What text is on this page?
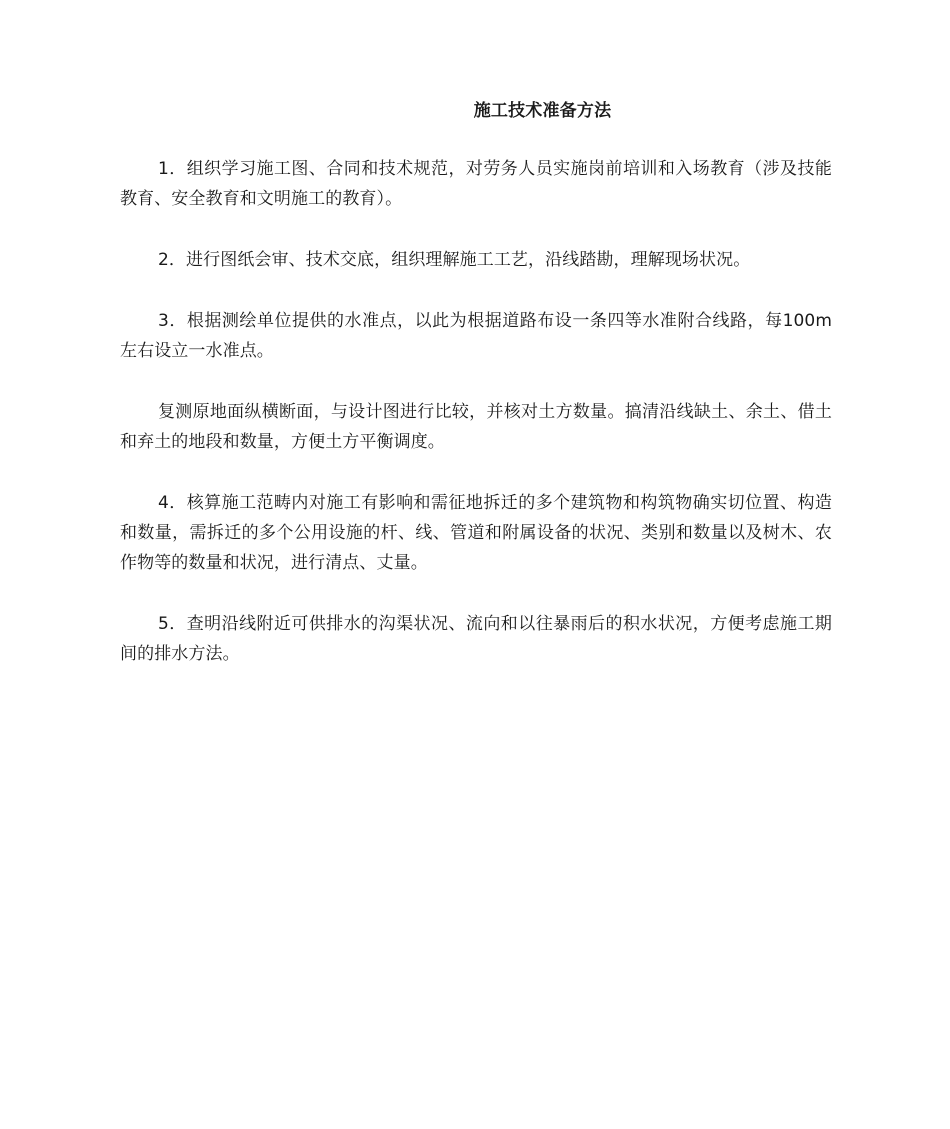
施工技术准备方法

1．组织学习施工图、合同和技术规范，对劳务人员实施岗前培训和入场教育（涉及技能教育、安全教育和文明施工的教育）。

2．进行图纸会审、技术交底，组织理解施工工艺，沿线踏勘，理解现场状况。

3．根据测绘单位提供的水准点，以此为根据道路布设一条四等水准附合线路，每100m 左右设立一水准点。

复测原地面纵横断面，与设计图进行比较，并核对土方数量。搞清沿线缺土、余土、借土和弃土的地段和数量，方便土方平衡调度。

4．核算施工范畴内对施工有影响和需征地拆迁的多个建筑物和构筑物确实切位置、构造和数量，需拆迁的多个公用设施的杆、线、管道和附属设备的状况、类别和数量以及树木、农作物等的数量和状况，进行清点、丈量。

5．查明沿线附近可供排水的沟渠状况、流向和以往暴雨后的积水状况，方便考虑施工期间的排水方法。
